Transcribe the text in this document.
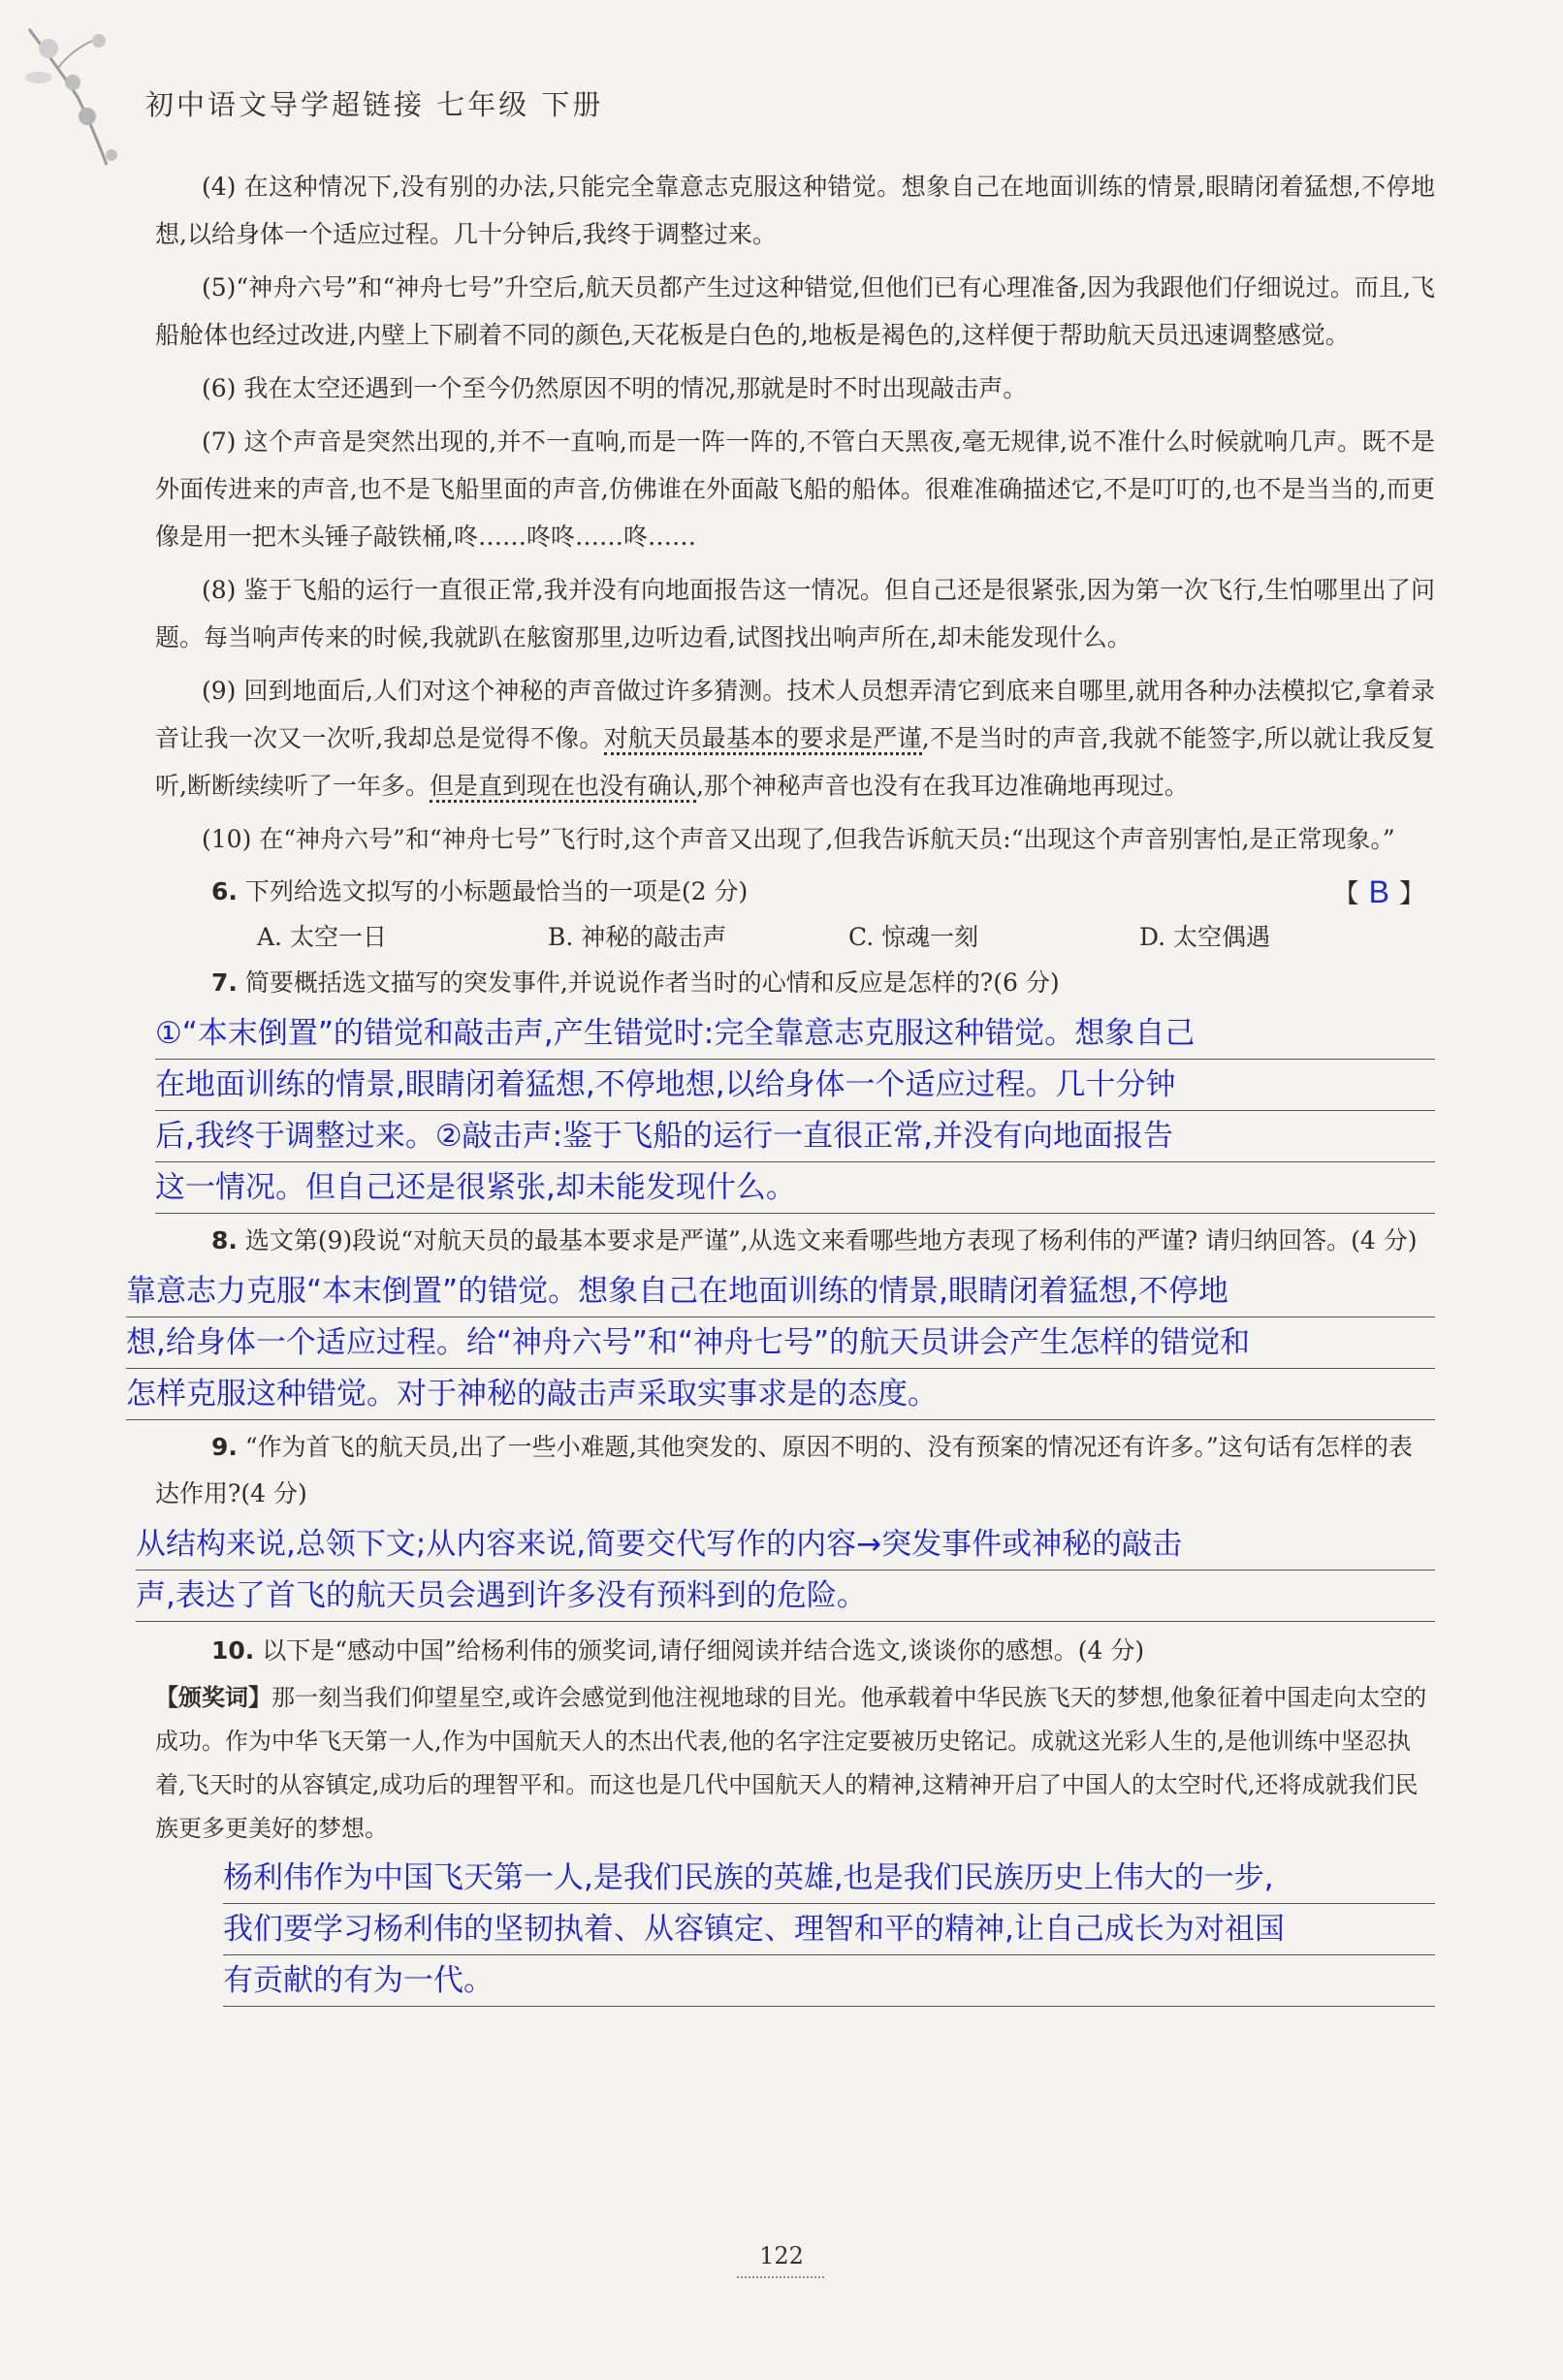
初中语文导学超链接 七年级 下册

(4) 在这种情况下,没有别的办法,只能完全靠意志克服这种错觉。想象自己在地面训练的情景,眼睛闭着猛想,不停地想,以给身体一个适应过程。几十分钟后,我终于调整过来。

(5)“神舟六号”和“神舟七号”升空后,航天员都产生过这种错觉,但他们已有心理准备,因为我跟他们仔细说过。而且,飞船舱体也经过改进,内壁上下刷着不同的颜色,天花板是白色的,地板是褐色的,这样便于帮助航天员迅速调整感觉。

(6) 我在太空还遇到一个至今仍然原因不明的情况,那就是时不时出现敲击声。

(7) 这个声音是突然出现的,并不一直响,而是一阵一阵的,不管白天黑夜,毫无规律,说不准什么时候就响几声。既不是外面传进来的声音,也不是飞船里面的声音,仿佛谁在外面敲飞船的船体。很难准确描述它,不是叮叮的,也不是当当的,而更像是用一把木头锤子敲铁桶,咚……咚咚……咚……

(8) 鉴于飞船的运行一直很正常,我并没有向地面报告这一情况。但自己还是很紧张,因为第一次飞行,生怕哪里出了问题。每当响声传来的时候,我就趴在舷窗那里,边听边看,试图找出响声所在,却未能发现什么。

(9) 回到地面后,人们对这个神秘的声音做过许多猜测。技术人员想弄清它到底来自哪里,就用各种办法模拟它,拿着录音让我一次又一次听,我却总是觉得不像。对航天员最基本的要求是严谨,不是当时的声音,我就不能签字,所以就让我反复听,断断续续听了一年多。但是直到现在也没有确认,那个神秘声音也没有在我耳边准确地再现过。

(10) 在“神舟六号”和“神舟七号”飞行时,这个声音又出现了,但我告诉航天员:“出现这个声音别害怕,是正常现象。”

6. 下列给选文拟写的小标题最恰当的一项是(2 分)	【 B 】
A. 太空一日	B. 神秘的敲击声	C. 惊魂一刻	D. 太空偶遇
7. 简要概括选文描写的突发事件,并说说作者当时的心情和反应是怎样的?(6 分)
①“本末倒置”的错觉和敲击声,产生错觉时:完全靠意志克服这种错觉。想象自己
在地面训练的情景,眼睛闭着猛想,不停地想,以给身体一个适应过程。几十分钟
后,我终于调整过来。②敲击声:鉴于飞船的运行一直很正常,并没有向地面报告
这一情况。但自己还是很紧张,却未能发现什么。
8. 选文第(9)段说“对航天员的最基本要求是严谨”,从选文来看哪些地方表现了杨利伟的严谨? 请归纳回答。(4 分)
靠意志力克服“本末倒置”的错觉。想象自己在地面训练的情景,眼睛闭着猛想,不停地
想,给身体一个适应过程。给“神舟六号”和“神舟七号”的航天员讲会产生怎样的错觉和
怎样克服这种错觉。对于神秘的敲击声采取实事求是的态度。
9. “作为首飞的航天员,出了一些小难题,其他突发的、原因不明的、没有预案的情况还有许多。”这句话有怎样的表达作用?(4 分)
从结构来说,总领下文;从内容来说,简要交代写作的内容→突发事件或神秘的敲击
声,表达了首飞的航天员会遇到许多没有预料到的危险。
10. 以下是“感动中国”给杨利伟的颁奖词,请仔细阅读并结合选文,谈谈你的感想。(4 分)

【颁奖词】那一刻当我们仰望星空,或许会感觉到他注视地球的目光。他承载着中华民族飞天的梦想,他象征着中国走向太空的成功。作为中华飞天第一人,作为中国航天人的杰出代表,他的名字注定要被历史铭记。成就这光彩人生的,是他训练中坚忍执着,飞天时的从容镇定,成功后的理智平和。而这也是几代中国航天人的精神,这精神开启了中国人的太空时代,还将成就我们民族更多更美好的梦想。

杨利伟作为中国飞天第一人,是我们民族的英雄,也是我们民族历史上伟大的一步,
我们要学习杨利伟的坚韧执着、从容镇定、理智和平的精神,让自己成长为对祖国
有贡献的有为一代。
122
